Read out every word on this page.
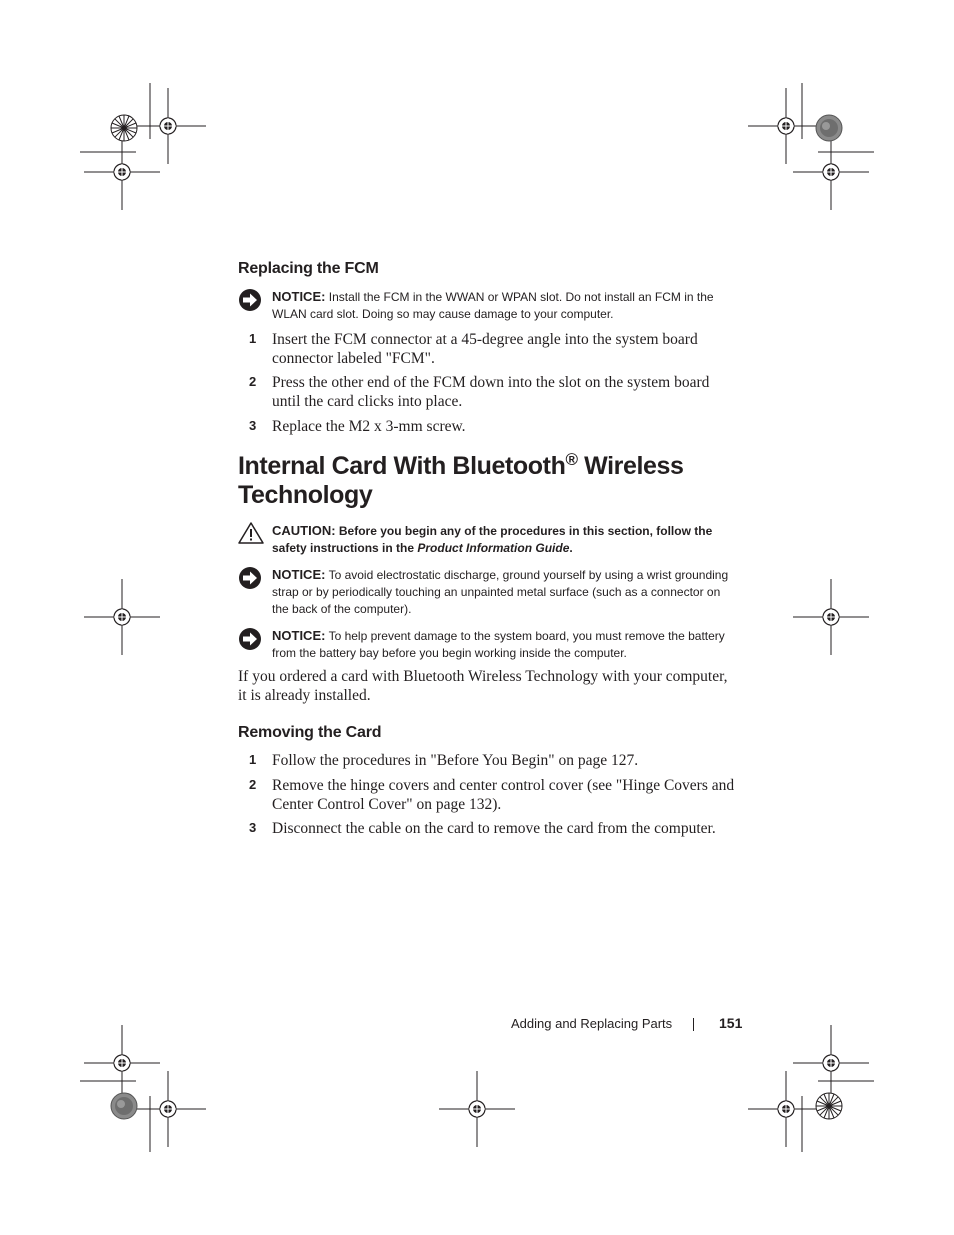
Replacing the FCM
NOTICE: Install the FCM in the WWAN or WPAN slot. Do not install an FCM in the WLAN card slot. Doing so may cause damage to your computer.
1 Insert the FCM connector at a 45-degree angle into the system board connector labeled "FCM".
2 Press the other end of the FCM down into the slot on the system board until the card clicks into place.
3 Replace the M2 x 3-mm screw.
Internal Card With Bluetooth® Wireless Technology
CAUTION: Before you begin any of the procedures in this section, follow the safety instructions in the Product Information Guide.
NOTICE: To avoid electrostatic discharge, ground yourself by using a wrist grounding strap or by periodically touching an unpainted metal surface (such as a connector on the back of the computer).
NOTICE: To help prevent damage to the system board, you must remove the battery from the battery bay before you begin working inside the computer.

If you ordered a card with Bluetooth Wireless Technology with your computer, it is already installed.

Removing the Card
1 Follow the procedures in "Before You Begin" on page 127.
2 Remove the hinge covers and center control cover (see "Hinge Covers and Center Control Cover" on page 132).
3 Disconnect the cable on the card to remove the card from the computer.
Adding and Replacing Parts	151
